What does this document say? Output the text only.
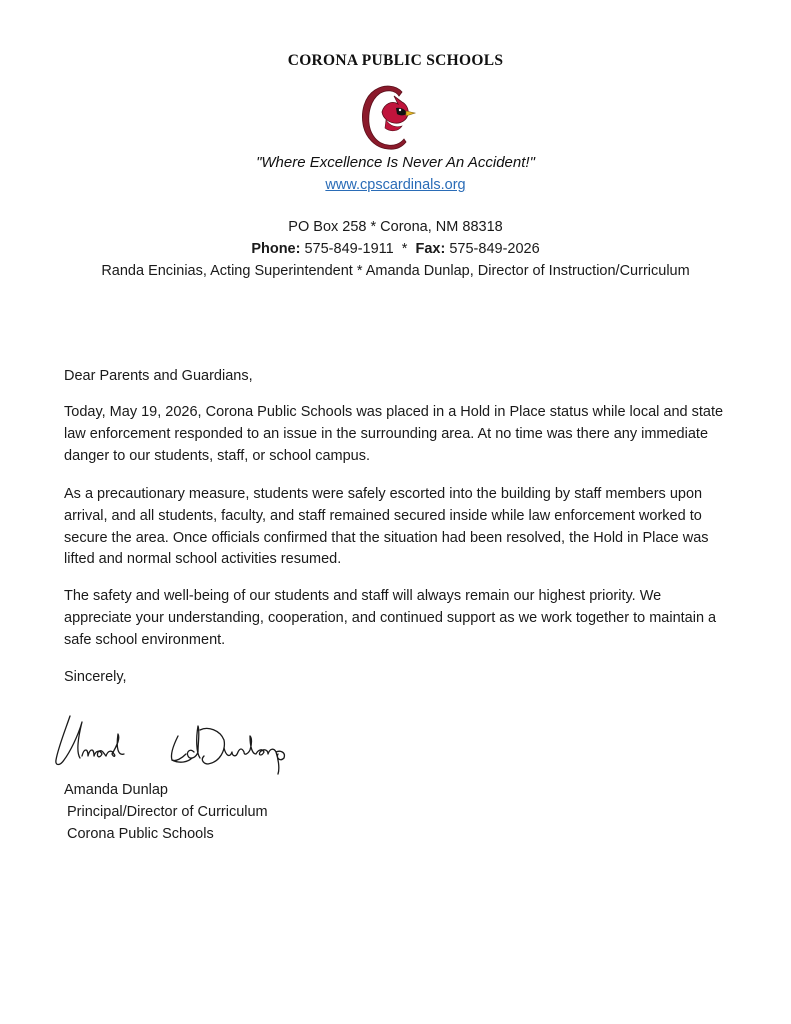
CORONA PUBLIC SCHOOLS
"Where Excellence Is Never An Accident!"
www.cpscardinals.org
PO Box 258 * Corona, NM 88318
Phone: 575-849-1911 * Fax: 575-849-2026
Randa Encinias, Acting Superintendent * Amanda Dunlap, Director of Instruction/Curriculum
Dear Parents and Guardians,
Today, May 19, 2026, Corona Public Schools was placed in a Hold in Place status while local and state law enforcement responded to an issue in the surrounding area. At no time was there any immediate danger to our students, staff, or school campus.
As a precautionary measure, students were safely escorted into the building by staff members upon arrival, and all students, faculty, and staff remained secured inside while law enforcement worked to secure the area. Once officials confirmed that the situation had been resolved, the Hold in Place was lifted and normal school activities resumed.
The safety and well-being of our students and staff will always remain our highest priority. We appreciate your understanding, cooperation, and continued support as we work together to maintain a safe school environment.
Sincerely,
Amanda Dunlap
Principal/Director of Curriculum
Corona Public Schools
